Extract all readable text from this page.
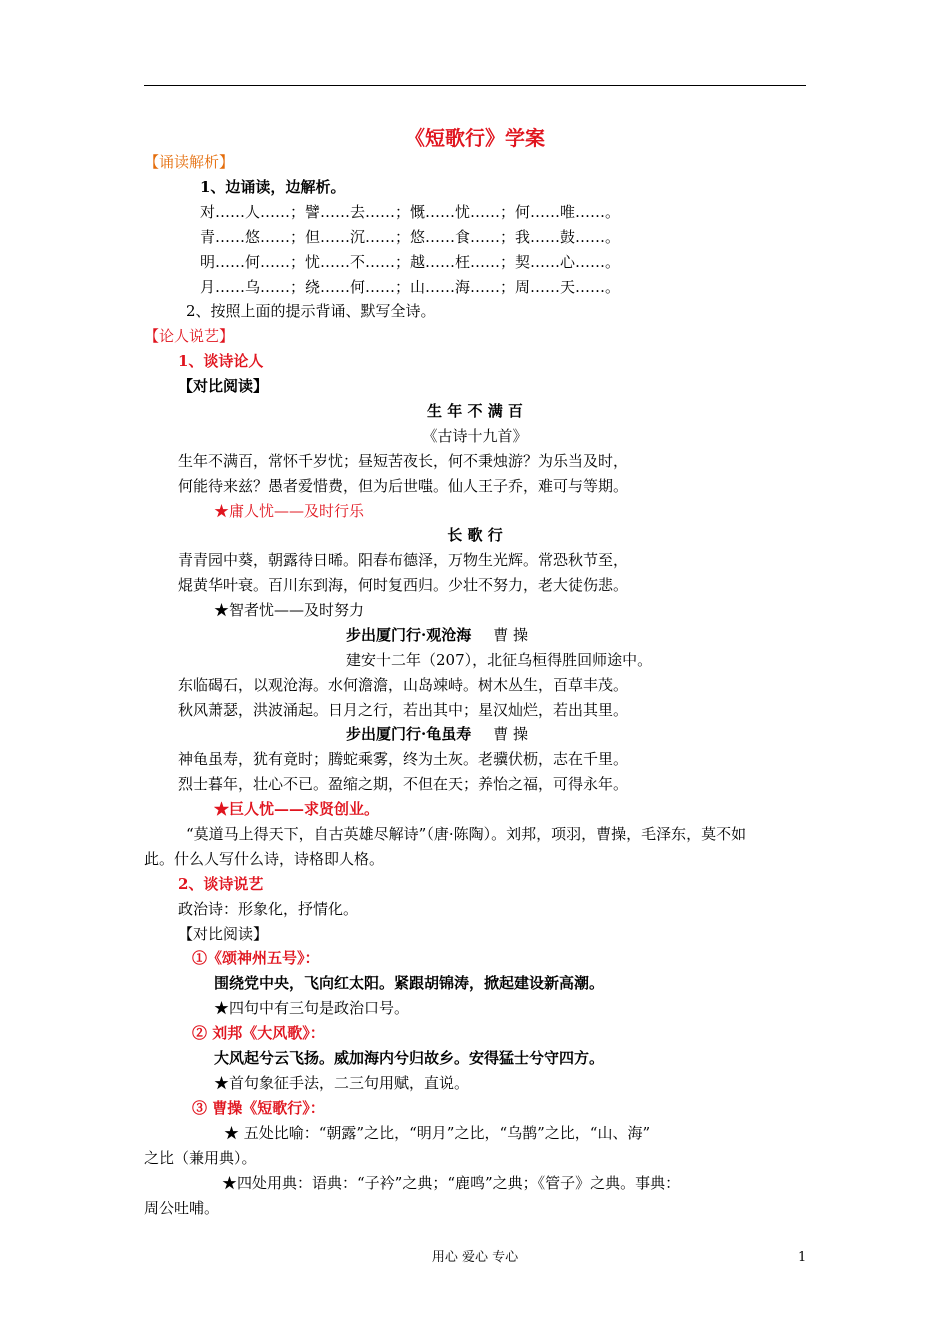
《短歌行》学案
【诵读解析】
1、边诵读，边解析。
对……人……；譬……去……；慨……忧……；何……唯……。
青……悠……；但……沉……；悠……食……；我……鼓……。
明……何……；忧……不……；越……枉……；契……心……。
月……乌……；绕……何……；山……海……；周……天……。
2、按照上面的提示背诵、默写全诗。
【论人说艺】
1、谈诗论人
【对比阅读】
生 年 不 满 百
《古诗十九首》
生年不满百，常怀千岁忧；昼短苦夜长，何不秉烛游？为乐当及时，
何能待来兹？愚者爱惜费，但为后世嗤。仙人王子乔，难可与等期。
★庸人忧——及时行乐
长 歌 行
青青园中葵，朝露待日晞。阳春布德泽，万物生光辉。常恐秋节至，
焜黄华叶衰。百川东到海，何时复西归。少壮不努力，老大徒伤悲。
★智者忧——及时努力
步出厦门行·观沧海 曹 操
建安十二年（207），北征乌桓得胜回师途中。
东临碣石，以观沧海。水何澹澹，山岛竦峙。树木丛生，百草丰茂。
秋风萧瑟，洪波涌起。日月之行，若出其中；星汉灿烂，若出其里。
步出厦门行·龟虽寿 曹 操
神龟虽寿，犹有竟时；腾蛇乘雾，终为土灰。老骥伏枥，志在千里。
烈士暮年，壮心不已。盈缩之期，不但在天；养怡之福，可得永年。
★巨人忧——求贤创业。
“莫道马上得天下，自古英雄尽解诗”（唐·陈陶）。刘邦，项羽，曹操，毛泽东，莫不如
此。什么人写什么诗，诗格即人格。
2、谈诗说艺
政治诗：形象化，抒情化。
【对比阅读】
①《颂神州五号》：
围绕党中央，飞向红太阳。紧跟胡锦涛，掀起建设新高潮。
★四句中有三句是政治口号。
② 刘邦《大风歌》：
大风起兮云飞扬。威加海内兮归故乡。安得猛士兮守四方。
★首句象征手法，二三句用赋，直说。
③ 曹操《短歌行》：
★ 五处比喻：“朝露”之比，“明月”之比，“乌鹊”之比，“山、海”
之比（兼用典）。
★四处用典：语典：“子衿”之典；“鹿鸣”之典；《管子》之典。事典：
周公吐哺。
用心 爱心 专心	1
